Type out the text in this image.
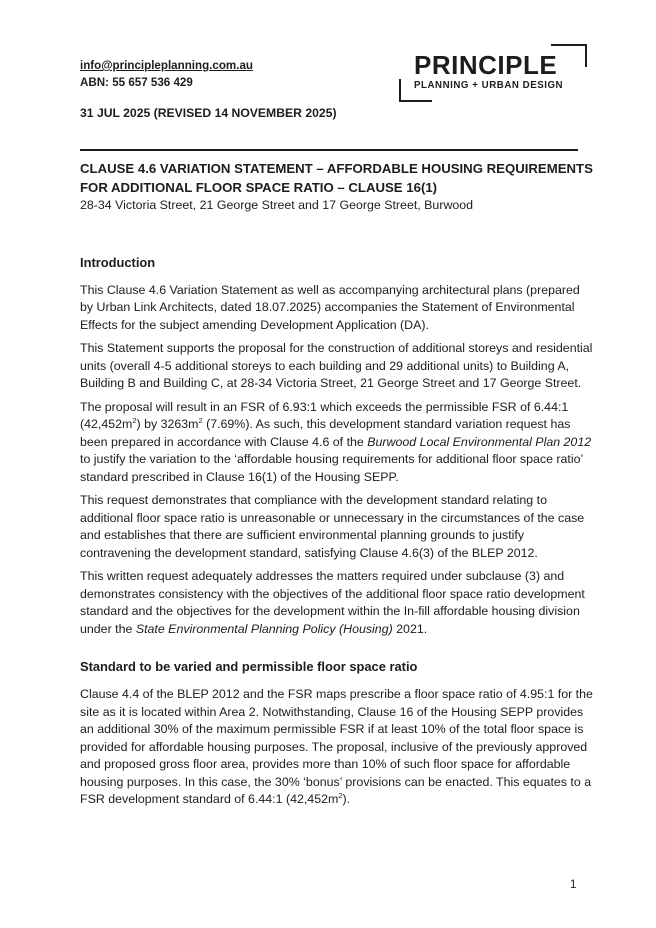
info@principleplanning.com.au
ABN: 55 657 536 429
PRINCIPLE
PLANNING + URBAN DESIGN
31 JUL 2025 (REVISED 14 NOVEMBER 2025)
CLAUSE 4.6 VARIATION STATEMENT – AFFORDABLE HOUSING REQUIREMENTS FOR ADDITIONAL FLOOR SPACE RATIO – CLAUSE 16(1)
28-34 Victoria Street, 21 George Street and 17 George Street, Burwood
Introduction

This Clause 4.6 Variation Statement as well as accompanying architectural plans (prepared by Urban Link Architects, dated 18.07.2025) accompanies the Statement of Environmental Effects for the subject amending Development Application (DA).

This Statement supports the proposal for the construction of additional storeys and residential units (overall 4-5 additional storeys to each building and 29 additional units) to Building A, Building B and Building C, at 28-34 Victoria Street, 21 George Street and 17 George Street.

The proposal will result in an FSR of 6.93:1 which exceeds the permissible FSR of 6.44:1 $(42,452m^2)$ by $3263m^2$ (7.69%). As such, this development standard variation request has been prepared in accordance with Clause 4.6 of the Burwood Local Environmental Plan 2012 to justify the variation to the ‘affordable housing requirements for additional floor space ratio’ standard prescribed in Clause 16(1) of the Housing SEPP.

This request demonstrates that compliance with the development standard relating to additional floor space ratio is unreasonable or unnecessary in the circumstances of the case and establishes that there are sufficient environmental planning grounds to justify contravening the development standard, satisfying Clause 4.6(3) of the BLEP 2012.

This written request adequately addresses the matters required under subclause (3) and demonstrates consistency with the objectives of the additional floor space ratio development standard and the objectives for the development within the In-fill affordable housing division under the State Environmental Planning Policy (Housing) 2021.

Standard to be varied and permissible floor space ratio

Clause 4.4 of the BLEP 2012 and the FSR maps prescribe a floor space ratio of 4.95:1 for the site as it is located within Area 2. Notwithstanding, Clause 16 of the Housing SEPP provides an additional 30% of the maximum permissible FSR if at least 10% of the total floor space is provided for affordable housing purposes. The proposal, inclusive of the previously approved and proposed gross floor area, provides more than 10% of such floor space for affordable housing purposes. In this case, the 30% ‘bonus’ provisions can be enacted. This equates to a FSR development standard of 6.44:1 $(42,452m^2)$.

1
